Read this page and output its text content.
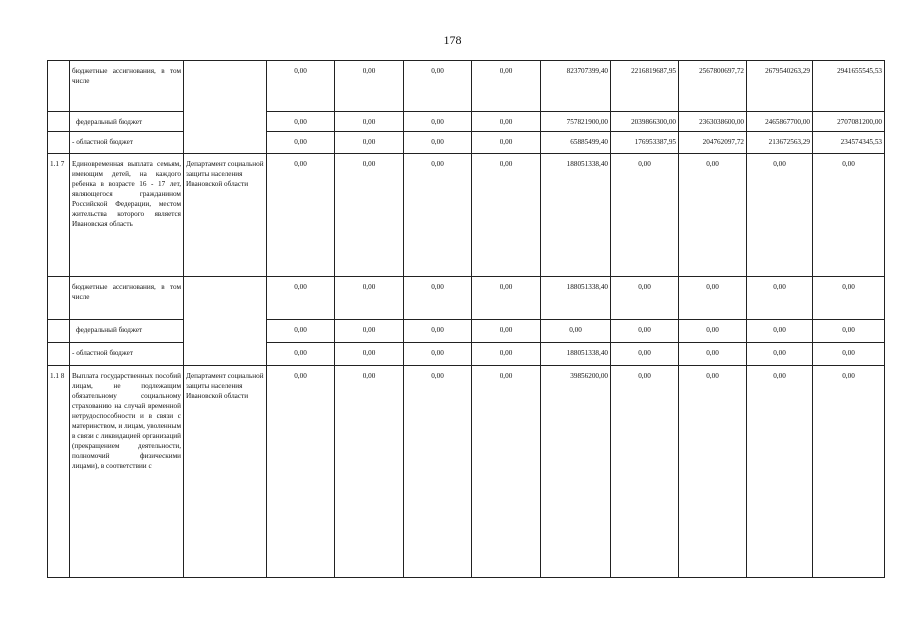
178
	бюджетные ассигнования, в том числе		0,00	0,00	0,00	0,00	823707399,40	2216819687,95	2567800697,72	2679540263,29	2941655545,53
	федеральный бюджет		0,00	0,00	0,00	0,00	757821900,00	2039866300,00	2363038600,00	2465867700,00	2707081200,00
	- областной бюджет		0,00	0,00	0,00	0,00	65885499,40	176953387,95	204762097,72	213672563,29	234574345,53
1.1 7	Единовременная выплата семьям, имеющим детей, на каждого ребенка в возрасте 16 - 17 лет, являющегося гражданином Российской Федерации, местом жительства которого является Ивановская область	Департамент социальной защиты населения Ивановской области	0,00	0,00	0,00	0,00	188051338,40	0,00	0,00	0,00	0,00
	бюджетные ассигнования, в том числе		0,00	0,00	0,00	0,00	188051338,40	0,00	0,00	0,00	0,00
	федеральный бюджет		0,00	0,00	0,00	0,00	0,00	0,00	0,00	0,00	0,00
	- областной бюджет		0,00	0,00	0,00	0,00	188051338,40	0,00	0,00	0,00	0,00
1.1 8	Выплата государственных пособий лицам, не подлежащим обязательному социальному страхованию на случай временной нетрудоспособности и в связи с материнством, и лицам, уволенным в связи с ликвидацией организаций (прекращением деятельности, полномочий физическими лицами), в соответствии с	Департамент социальной защиты населения Ивановской области	0,00	0,00	0,00	0,00	39856200,00	0,00	0,00	0,00	0,00
